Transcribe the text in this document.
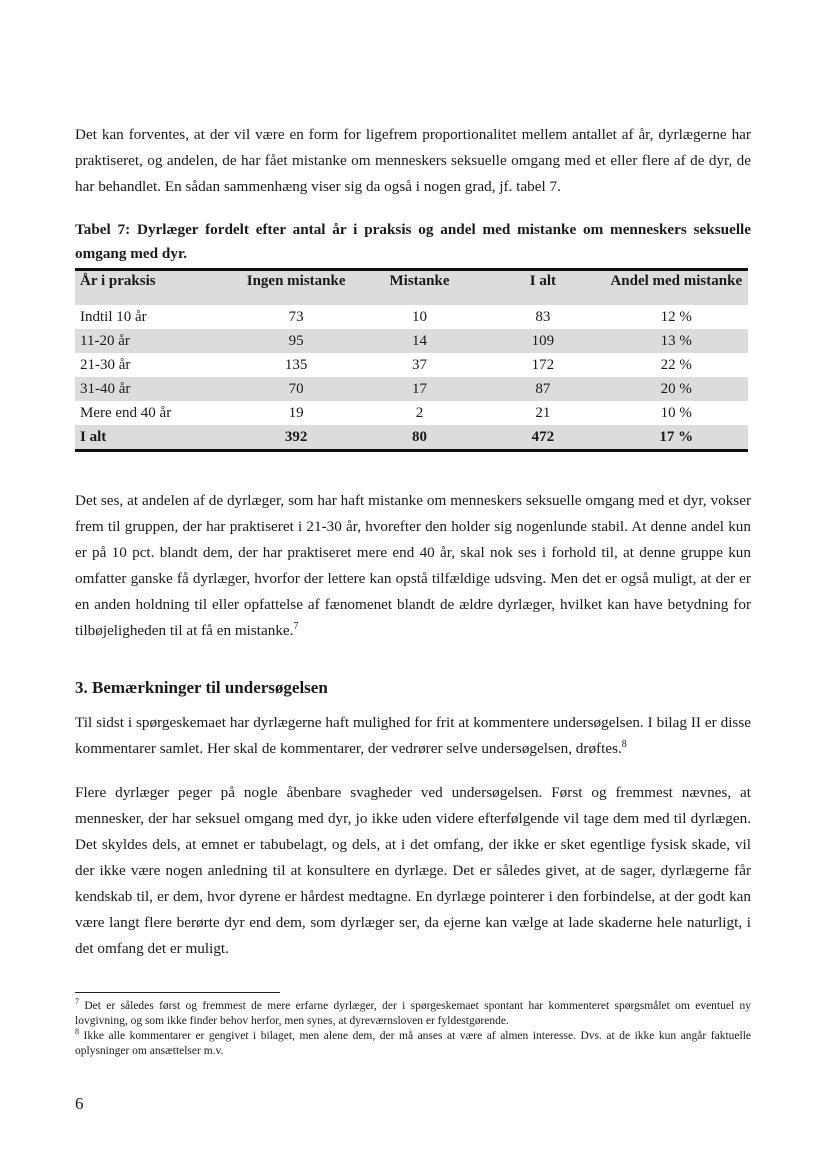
Det kan forventes, at der vil være en form for ligefrem proportionalitet mellem antallet af år, dyrlægerne har praktiseret, og andelen, de har fået mistanke om menneskers seksuelle omgang med et eller flere af de dyr, de har behandlet. En sådan sammenhæng viser sig da også i nogen grad, jf. tabel 7.

Tabel 7: Dyrlæger fordelt efter antal år i praksis og andel med mistanke om menneskers seksuelle omgang med dyr.
År i praksis	Ingen mistanke	Mistanke	I alt	Andel med mistanke
Indtil 10 år	73	10	83	12 %
11-20 år	95	14	109	13 %
21-30 år	135	37	172	22 %
31-40 år	70	17	87	20 %
Mere end 40 år	19	2	21	10 %
I alt	392	80	472	17 %

Det ses, at andelen af de dyrlæger, som har haft mistanke om menneskers seksuelle omgang med et dyr, vokser frem til gruppen, der har praktiseret i 21-30 år, hvorefter den holder sig nogenlunde stabil. At denne andel kun er på 10 pct. blandt dem, der har praktiseret mere end 40 år, skal nok ses i forhold til, at denne gruppe kun omfatter ganske få dyrlæger, hvorfor der lettere kan opstå tilfældige udsving. Men det er også muligt, at der er en anden holdning til eller opfattelse af fænomenet blandt de ældre dyrlæger, hvilket kan have betydning for tilbøjeligheden til at få en mistanke.$^7$

3. Bemærkninger til undersøgelsen

Til sidst i spørgeskemaet har dyrlægerne haft mulighed for frit at kommentere undersøgelsen. I bilag II er disse kommentarer samlet. Her skal de kommentarer, der vedrører selve undersøgelsen, drøftes.$^8$

Flere dyrlæger peger på nogle åbenbare svagheder ved undersøgelsen. Først og fremmest nævnes, at mennesker, der har seksuel omgang med dyr, jo ikke uden videre efterfølgende vil tage dem med til dyrlægen. Det skyldes dels, at emnet er tabubelagt, og dels, at i det omfang, der ikke er sket egentlige fysisk skade, vil der ikke være nogen anledning til at konsultere en dyrlæge. Det er således givet, at de sager, dyrlægerne får kendskab til, er dem, hvor dyrene er hårdest medtagne. En dyrlæge pointerer i den forbindelse, at der godt kan være langt flere berørte dyr end dem, som dyrlæger ser, da ejerne kan vælge at lade skaderne hele naturligt, i det omfang det er muligt.

$^7$ Det er således først og fremmest de mere erfarne dyrlæger, der i spørgeskemaet spontant har kommenteret spørgsmålet om eventuel ny lovgivning, og som ikke finder behov herfor, men synes, at dyreværnsloven er fyldestgørende.

$^8$ Ikke alle kommentarer er gengivet i bilaget, men alene dem, der må anses at være af almen interesse. Dvs. at de ikke kun angår faktuelle oplysninger om ansættelser m.v.

6
